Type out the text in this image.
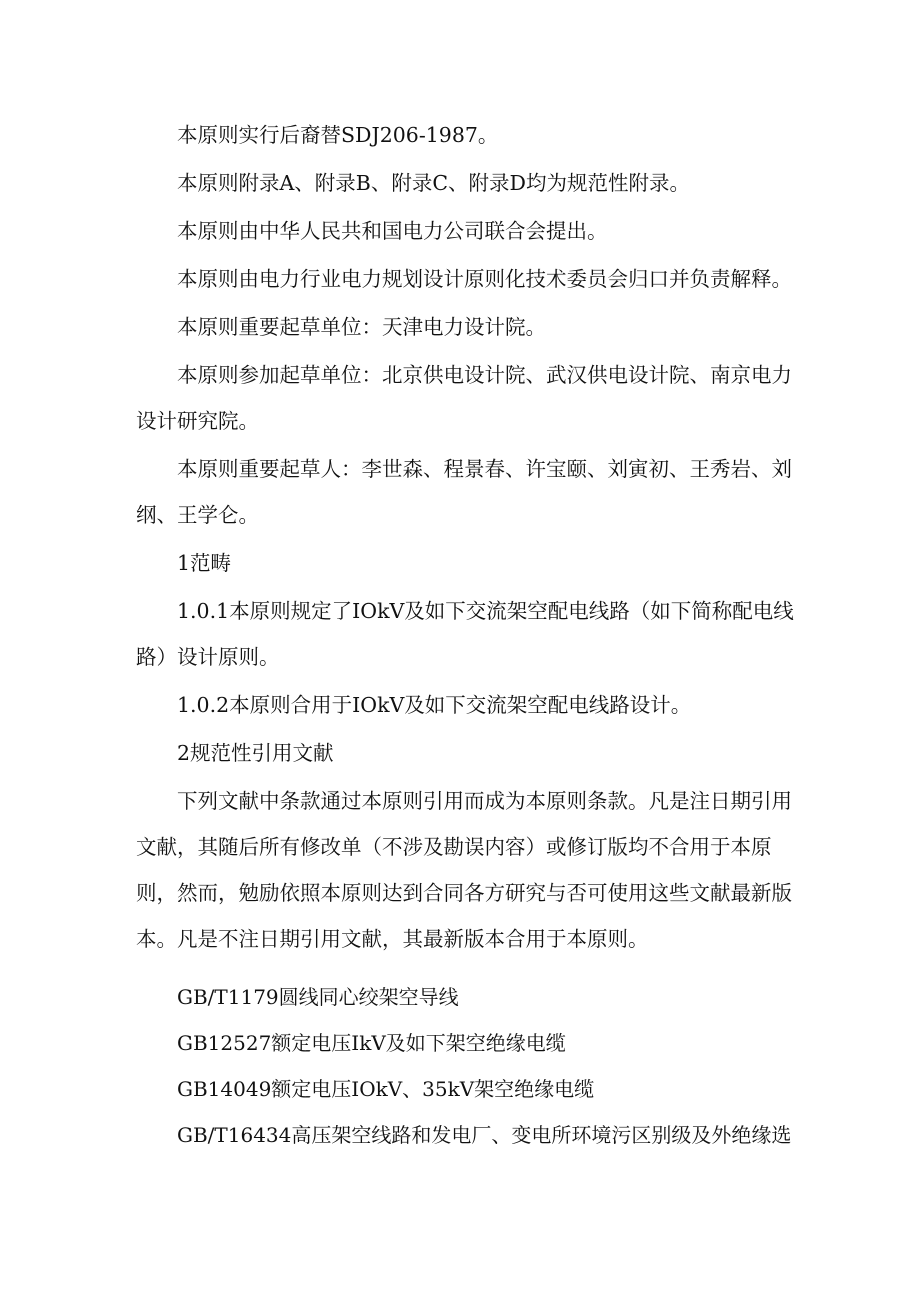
本原则实行后裔替SDJ206-1987。

本原则附录A、附录B、附录C、附录D均为规范性附录。

本原则由中华人民共和国电力公司联合会提出。

本原则由电力行业电力规划设计原则化技术委员会归口并负责解释。

本原则重要起草单位：天津电力设计院。

本原则参加起草单位：北京供电设计院、武汉供电设计院、南京电力设计研究院。

本原则重要起草人：李世森、程景春、许宝颐、刘寅初、王秀岩、刘纲、王学仑。

1范畴

1.0.1本原则规定了IOkV及如下交流架空配电线路（如下简称配电线路）设计原则。

1.0.2本原则合用于IOkV及如下交流架空配电线路设计。

2规范性引用文献

下列文献中条款通过本原则引用而成为本原则条款。凡是注日期引用文献，其随后所有修改单（不涉及勘误内容）或修订版均不合用于本原则，然而，勉励依照本原则达到合同各方研究与否可使用这些文献最新版本。凡是不注日期引用文献，其最新版本合用于本原则。

GB/T1179圆线同心绞架空导线

GB12527额定电压IkV及如下架空绝缘电缆

GB14049额定电压IOkV、35kV架空绝缘电缆

GB/T16434高压架空线路和发电厂、变电所环境污区别级及外绝缘选
